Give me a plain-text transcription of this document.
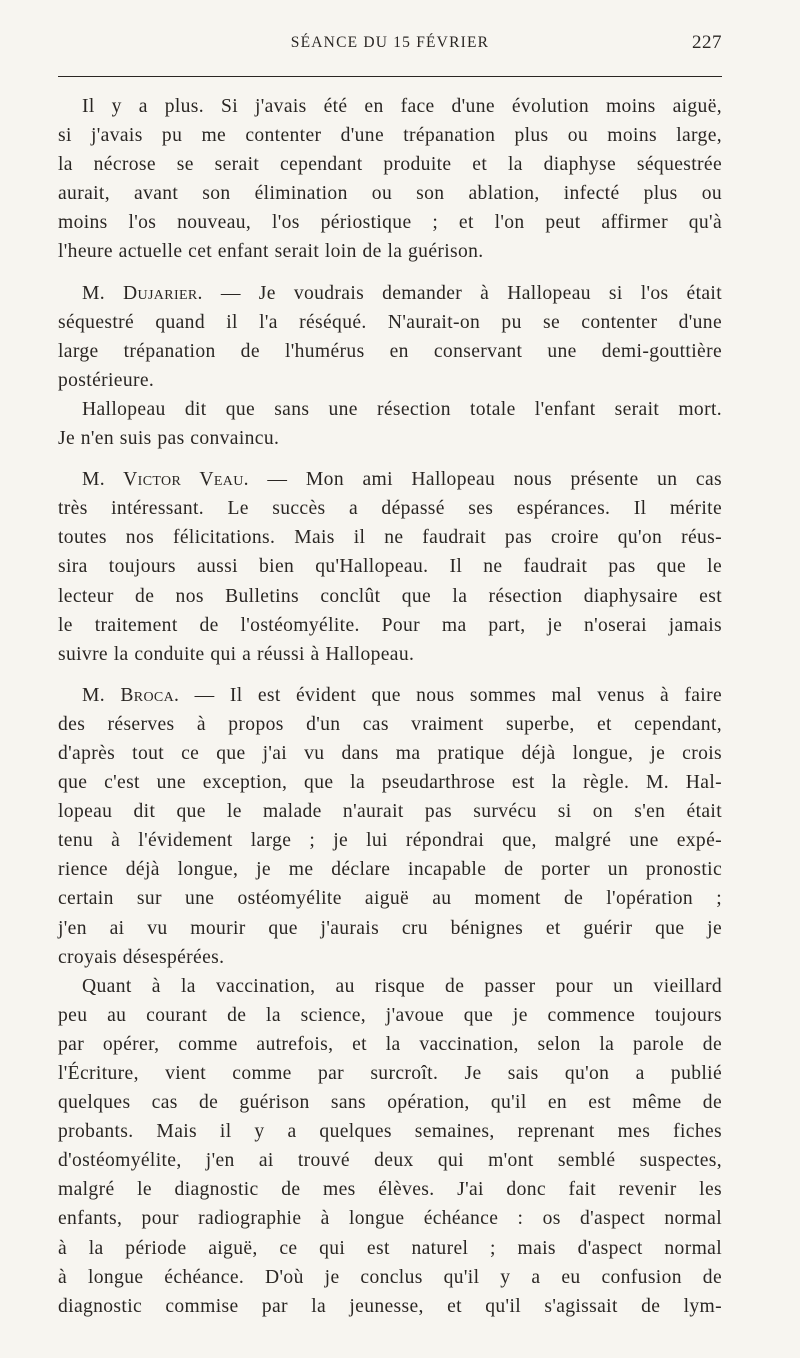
SÉANCE DU 15 FÉVRIER	227
Il y a plus. Si j'avais été en face d'une évolution moins aiguë,
si j'avais pu me contenter d'une trépanation plus ou moins large,
la nécrose se serait cependant produite et la diaphyse séquestrée
aurait, avant son élimination ou son ablation, infecté plus ou
moins l'os nouveau, l'os périostique ; et l'on peut affirmer qu'à
l'heure actuelle cet enfant serait loin de la guérison.
M. Dujarier. — Je voudrais demander à Hallopeau si l'os était
séquestré quand il l'a réséqué. N'aurait-on pu se contenter d'une
large trépanation de l'humérus en conservant une demi-gouttière
postérieure.
Hallopeau dit que sans une résection totale l'enfant serait mort.
Je n'en suis pas convaincu.
M. Victor Veau. — Mon ami Hallopeau nous présente un cas
très intéressant. Le succès a dépassé ses espérances. Il mérite
toutes nos félicitations. Mais il ne faudrait pas croire qu'on réus-
sira toujours aussi bien qu'Hallopeau. Il ne faudrait pas que le
lecteur de nos Bulletins conclût que la résection diaphysaire est
le traitement de l'ostéomyélite. Pour ma part, je n'oserai jamais
suivre la conduite qui a réussi à Hallopeau.
M. Broca. — Il est évident que nous sommes mal venus à faire
des réserves à propos d'un cas vraiment superbe, et cependant,
d'après tout ce que j'ai vu dans ma pratique déjà longue, je crois
que c'est une exception, que la pseudarthrose est la règle. M. Hal-
lopeau dit que le malade n'aurait pas survécu si on s'en était
tenu à l'évidement large ; je lui répondrai que, malgré une expé-
rience déjà longue, je me déclare incapable de porter un pronostic
certain sur une ostéomyélite aiguë au moment de l'opération ;
j'en ai vu mourir que j'aurais cru bénignes et guérir que je
croyais désespérées.
Quant à la vaccination, au risque de passer pour un vieillard
peu au courant de la science, j'avoue que je commence toujours
par opérer, comme autrefois, et la vaccination, selon la parole de
l'Écriture, vient comme par surcroît. Je sais qu'on a publié
quelques cas de guérison sans opération, qu'il en est même de
probants. Mais il y a quelques semaines, reprenant mes fiches
d'ostéomyélite, j'en ai trouvé deux qui m'ont semblé suspectes,
malgré le diagnostic de mes élèves. J'ai donc fait revenir les
enfants, pour radiographie à longue échéance : os d'aspect normal
à la période aiguë, ce qui est naturel ; mais d'aspect normal
à longue échéance. D'où je conclus qu'il y a eu confusion de
diagnostic commise par la jeunesse, et qu'il s'agissait de lym-
